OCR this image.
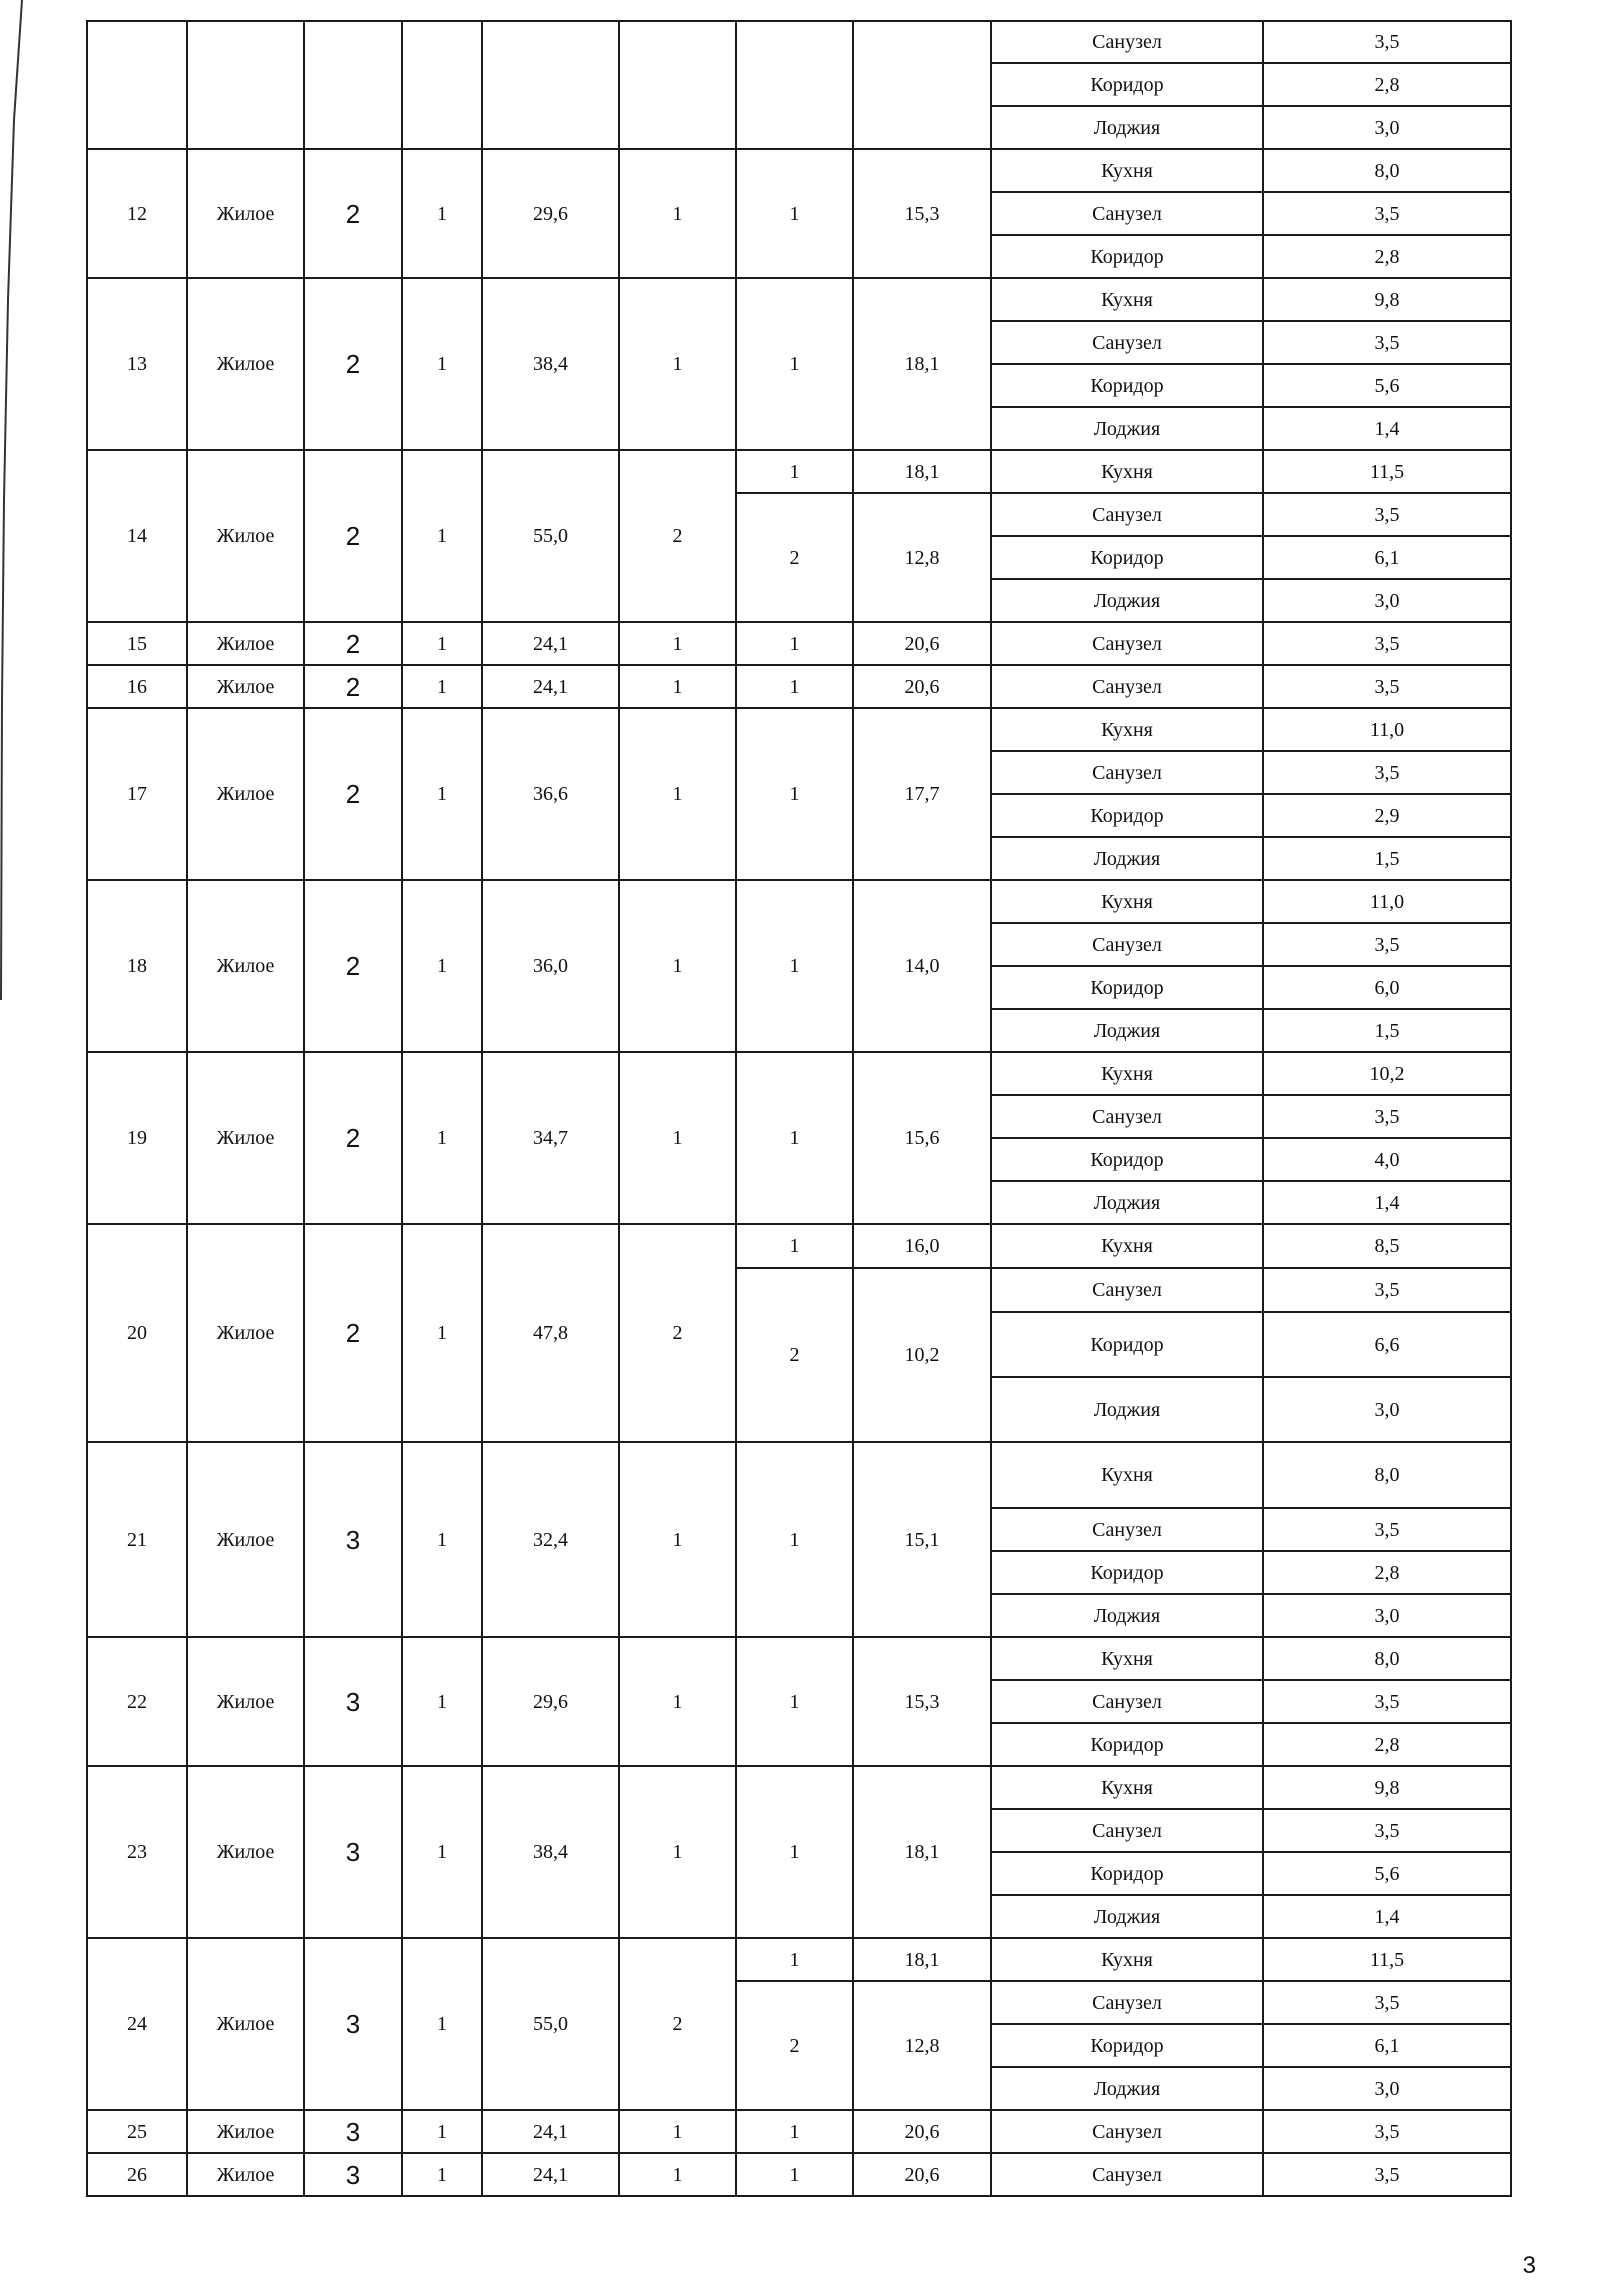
								Санузел	3,5
								Коридор	2,8
								Лоджия	3,0
12	Жилое	2	1	29,6	1	1	15,3	Кухня	8,0
								Санузел	3,5
								Коридор	2,8
13	Жилое	2	1	38,4	1	1	18,1	Кухня	9,8
								Санузел	3,5
								Коридор	5,6
								Лоджия	1,4
14	Жилое	2	1	55,0	2	1	18,1	Кухня	11,5
						2	12,8	Санузел	3,5
								Коридор	6,1
								Лоджия	3,0
15	Жилое	2	1	24,1	1	1	20,6	Санузел	3,5
16	Жилое	2	1	24,1	1	1	20,6	Санузел	3,5
17	Жилое	2	1	36,6	1	1	17,7	Кухня	11,0
								Санузел	3,5
								Коридор	2,9
								Лоджия	1,5
18	Жилое	2	1	36,0	1	1	14,0	Кухня	11,0
								Санузел	3,5
								Коридор	6,0
								Лоджия	1,5
19	Жилое	2	1	34,7	1	1	15,6	Кухня	10,2
								Санузел	3,5
								Коридор	4,0
								Лоджия	1,4
20	Жилое	2	1	47,8	2	1	16,0	Кухня	8,5
						2	10,2	Санузел	3,5
								Коридор	6,6
								Лоджия	3,0
21	Жилое	3	1	32,4	1	1	15,1	Кухня	8,0
								Санузел	3,5
								Коридор	2,8
								Лоджия	3,0
22	Жилое	3	1	29,6	1	1	15,3	Кухня	8,0
								Санузел	3,5
								Коридор	2,8
23	Жилое	3	1	38,4	1	1	18,1	Кухня	9,8
								Санузел	3,5
								Коридор	5,6
								Лоджия	1,4
24	Жилое	3	1	55,0	2	1	18,1	Кухня	11,5
						2	12,8	Санузел	3,5
								Коридор	6,1
								Лоджия	3,0
25	Жилое	3	1	24,1	1	1	20,6	Санузел	3,5
26	Жилое	3	1	24,1	1	1	20,6	Санузел	3,5
3
